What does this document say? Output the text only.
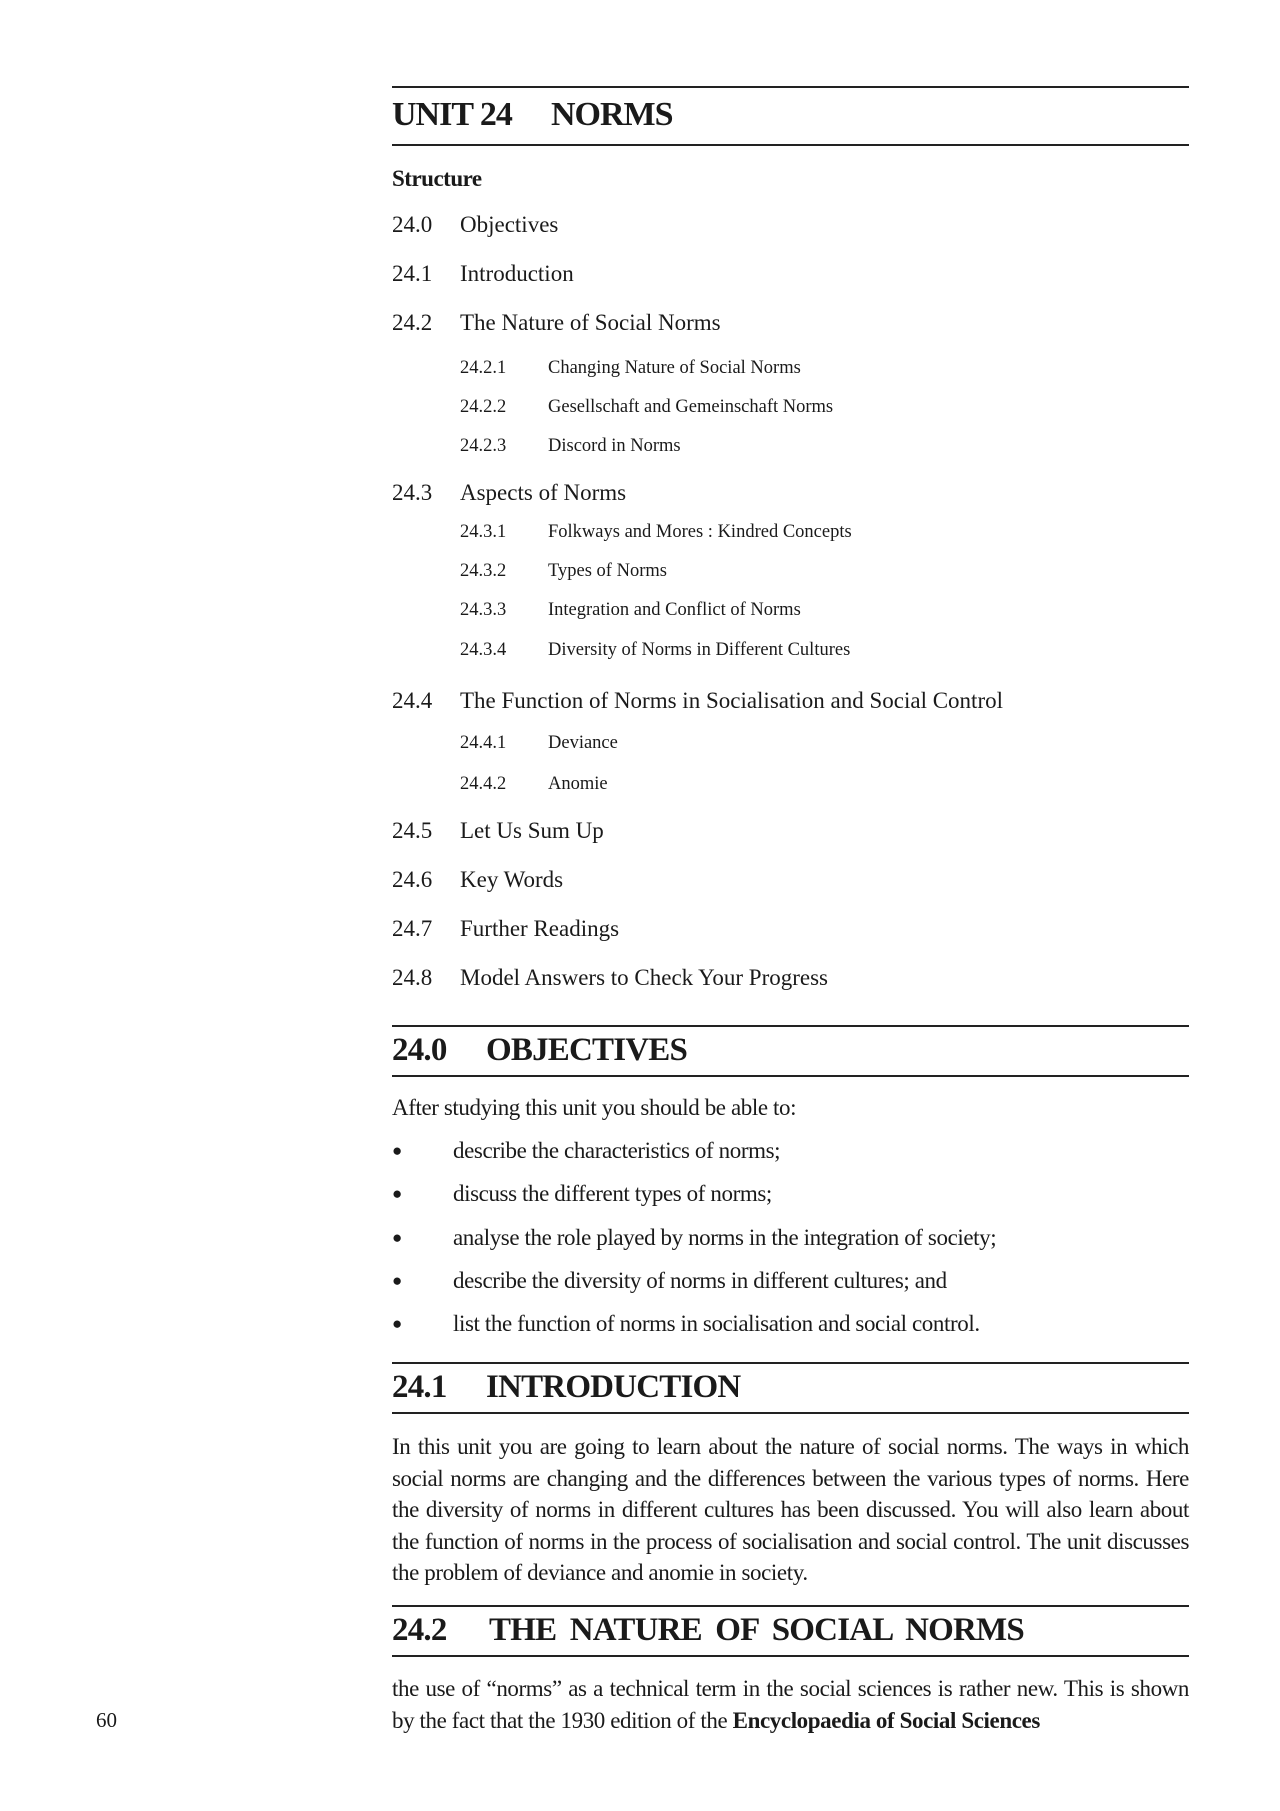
UNIT 24 NORMS
Structure
24.0 Objectives
24.1 Introduction
24.2 The Nature of Social Norms
24.2.1 Changing Nature of Social Norms
24.2.2 Gesellschaft and Gemeinschaft Norms
24.2.3 Discord in Norms
24.3 Aspects of Norms
24.3.1 Folkways and Mores : Kindred Concepts
24.3.2 Types of Norms
24.3.3 Integration and Conflict of Norms
24.3.4 Diversity of Norms in Different Cultures
24.4 The Function of Norms in Socialisation and Social Control
24.4.1 Deviance
24.4.2 Anomie
24.5 Let Us Sum Up
24.6 Key Words
24.7 Further Readings
24.8 Model Answers to Check Your Progress
24.0 OBJECTIVES
After studying this unit you should be able to:
● describe the characteristics of norms;
● discuss the different types of norms;
● analyse the role played by norms in the integration of society;
● describe the diversity of norms in different cultures; and
● list the function of norms in socialisation and social control.
24.1 INTRODUCTION

In this unit you are going to learn about the nature of social norms. The ways in which social norms are changing and the differences between the various types of norms. Here the diversity of norms in different cultures has been discussed. You will also learn about the function of norms in the process of socialisation and social control. The unit discusses the problem of deviance and anomie in society.

24.2 THE NATURE OF SOCIAL NORMS

the use of “norms” as a technical term in the social sciences is rather new. This is shown by the fact that the 1930 edition of the Encyclopaedia of Social Sciences

60
